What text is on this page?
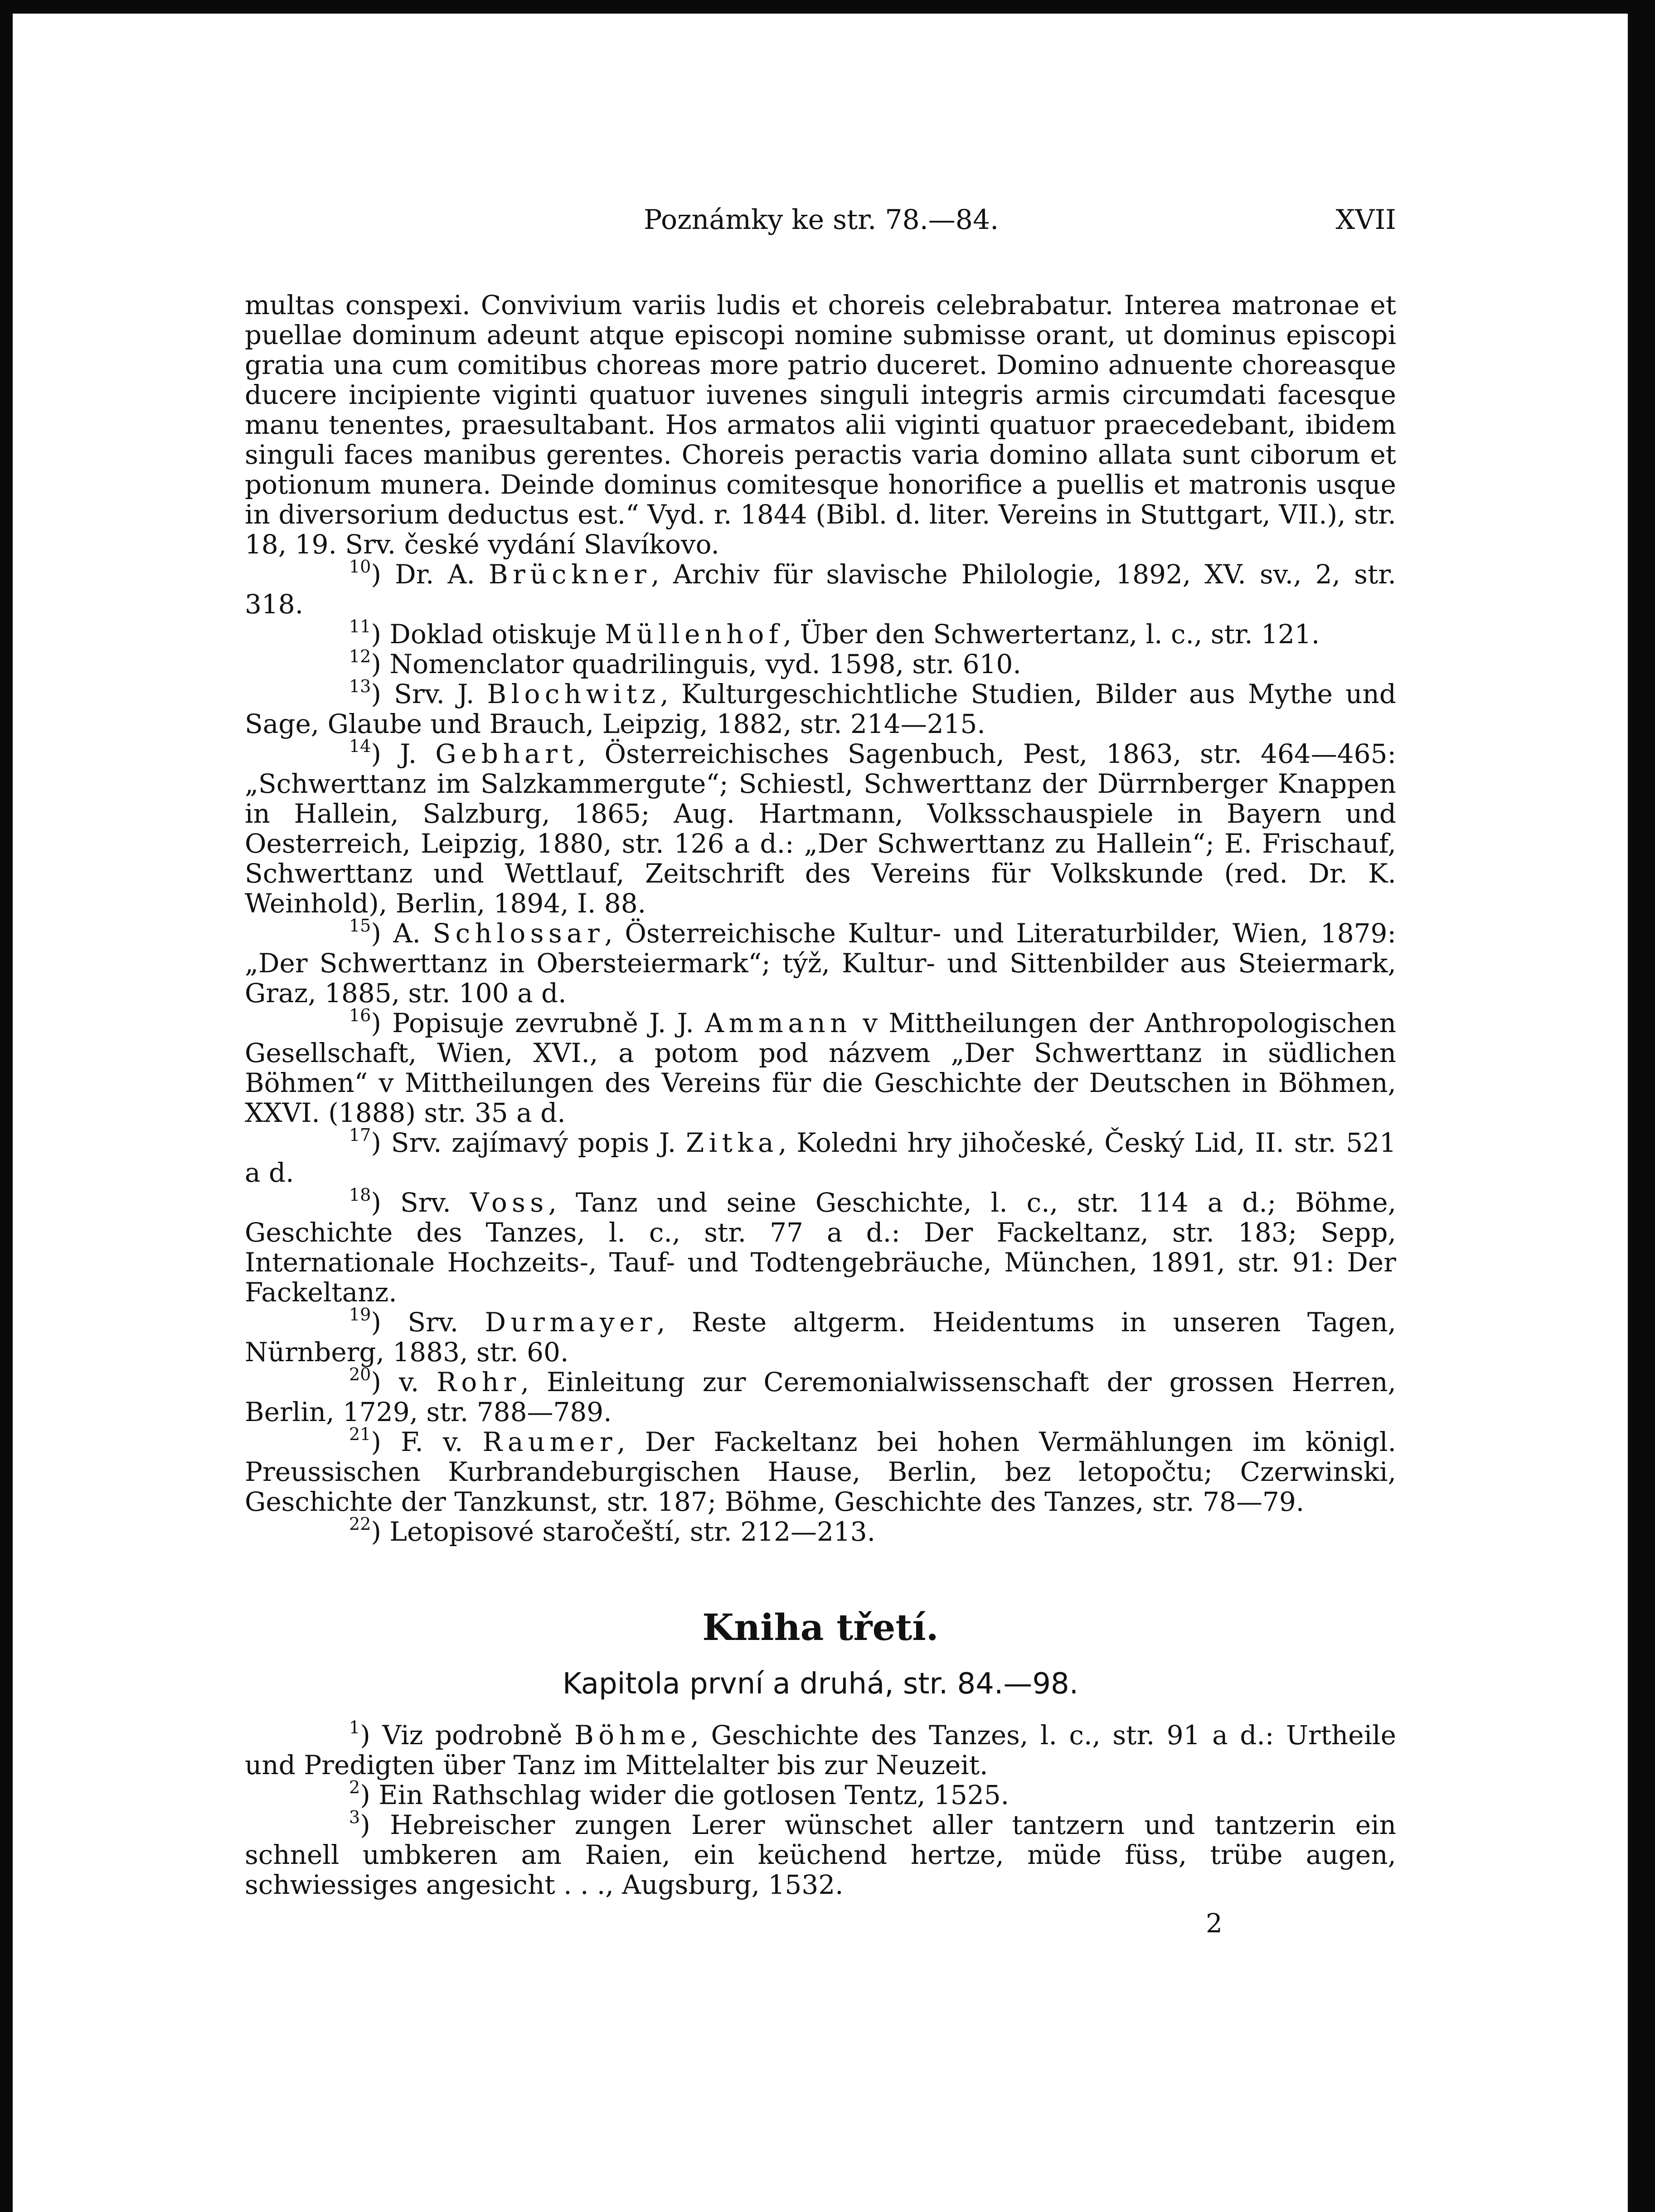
Poznámky ke str. 78.—84.	XVII

multas conspexi. Convivium variis ludis et choreis celebrabatur. Interea matronae et puellae dominum adeunt atque episcopi nomine submisse orant, ut dominus episcopi gratia una cum comitibus choreas more patrio duceret. Domino adnuente choreasque ducere incipiente viginti quatuor iuvenes singuli integris armis circumdati facesque manu tenentes, praesultabant. Hos armatos alii viginti quatuor praecedebant, ibidem singuli faces manibus gerentes. Choreis peractis varia domino allata sunt ciborum et potionum munera. Deinde dominus comitesque honorifice a puellis et matronis usque in diversorium deductus est.“ Vyd. r. 1844 (Bibl. d. liter. Vereins in Stuttgart, VII.), str. 18, 19. Srv. české vydání Slavíkovo.

$^{10}$) Dr. A. Brückner, Archiv für slavische Philologie, 1892, XV. sv., 2, str. 318.

$^{11}$) Doklad otiskuje Müllenhof, Über den Schwertertanz, l. c., str. 121.

$^{12}$) Nomenclator quadrilinguis, vyd. 1598, str. 610.

$^{13}$) Srv. J. Blochwitz, Kulturgeschichtliche Studien, Bilder aus Mythe und Sage, Glaube und Brauch, Leipzig, 1882, str. 214—215.

$^{14}$) J. Gebhart, Österreichisches Sagenbuch, Pest, 1863, str. 464—465: „Schwerttanz im Salzkammergute“; Schiestl, Schwerttanz der Dürrnberger Knappen in Hallein, Salzburg, 1865; Aug. Hartmann, Volksschauspiele in Bayern und Oesterreich, Leipzig, 1880, str. 126 a d.: „Der Schwerttanz zu Hallein“; E. Frischauf, Schwerttanz und Wettlauf, Zeitschrift des Vereins für Volkskunde (red. Dr. K. Weinhold), Berlin, 1894, I. 88.

$^{15}$) A. Schlossar, Österreichische Kultur- und Literaturbilder, Wien, 1879: „Der Schwerttanz in Obersteiermark“; týž, Kultur- und Sittenbilder aus Steiermark, Graz, 1885, str. 100 a d.

$^{16}$) Popisuje zevrubně J. J. Ammann v Mittheilungen der Anthropologischen Gesellschaft, Wien, XVI., a potom pod názvem „Der Schwerttanz in südlichen Böhmen“ v Mittheilungen des Vereins für die Geschichte der Deutschen in Böhmen, XXVI. (1888) str. 35 a d.

$^{17}$) Srv. zajímavý popis J. Zitka, Koledni hry jihočeské, Český Lid, II. str. 521 a d.

$^{18}$) Srv. Voss, Tanz und seine Geschichte, l. c., str. 114 a d.; Böhme, Geschichte des Tanzes, l. c., str. 77 a d.: Der Fackeltanz, str. 183; Sepp, Internationale Hochzeits-, Tauf- und Todtengebräuche, München, 1891, str. 91: Der Fackeltanz.

$^{19}$) Srv. Durmayer, Reste altgerm. Heidentums in unseren Tagen, Nürnberg, 1883, str. 60.

$^{20}$) v. Rohr, Einleitung zur Ceremonialwissenschaft der grossen Herren, Berlin, 1729, str. 788—789.

$^{21}$) F. v. Raumer, Der Fackeltanz bei hohen Vermählungen im königl. Preussischen Kurbrandeburgischen Hause, Berlin, bez letopočtu; Czerwinski, Geschichte der Tanzkunst, str. 187; Böhme, Geschichte des Tanzes, str. 78—79.

$^{22}$) Letopisové staročeští, str. 212—213.

Kniha třetí.
Kapitola první a druhá, str. 84.—98.

$^1$) Viz podrobně Böhme, Geschichte des Tanzes, l. c., str. 91 a d.: Urtheile und Predigten über Tanz im Mittelalter bis zur Neuzeit.

$^2$) Ein Rathschlag wider die gotlosen Tentz, 1525.

$^3$) Hebreischer zungen Lerer wünschet aller tantzern und tantzerin ein schnell umbkeren am Raien, ein keüchend hertze, müde füss, trübe augen, schwiessiges angesicht . . ., Augsburg, 1532.

2
